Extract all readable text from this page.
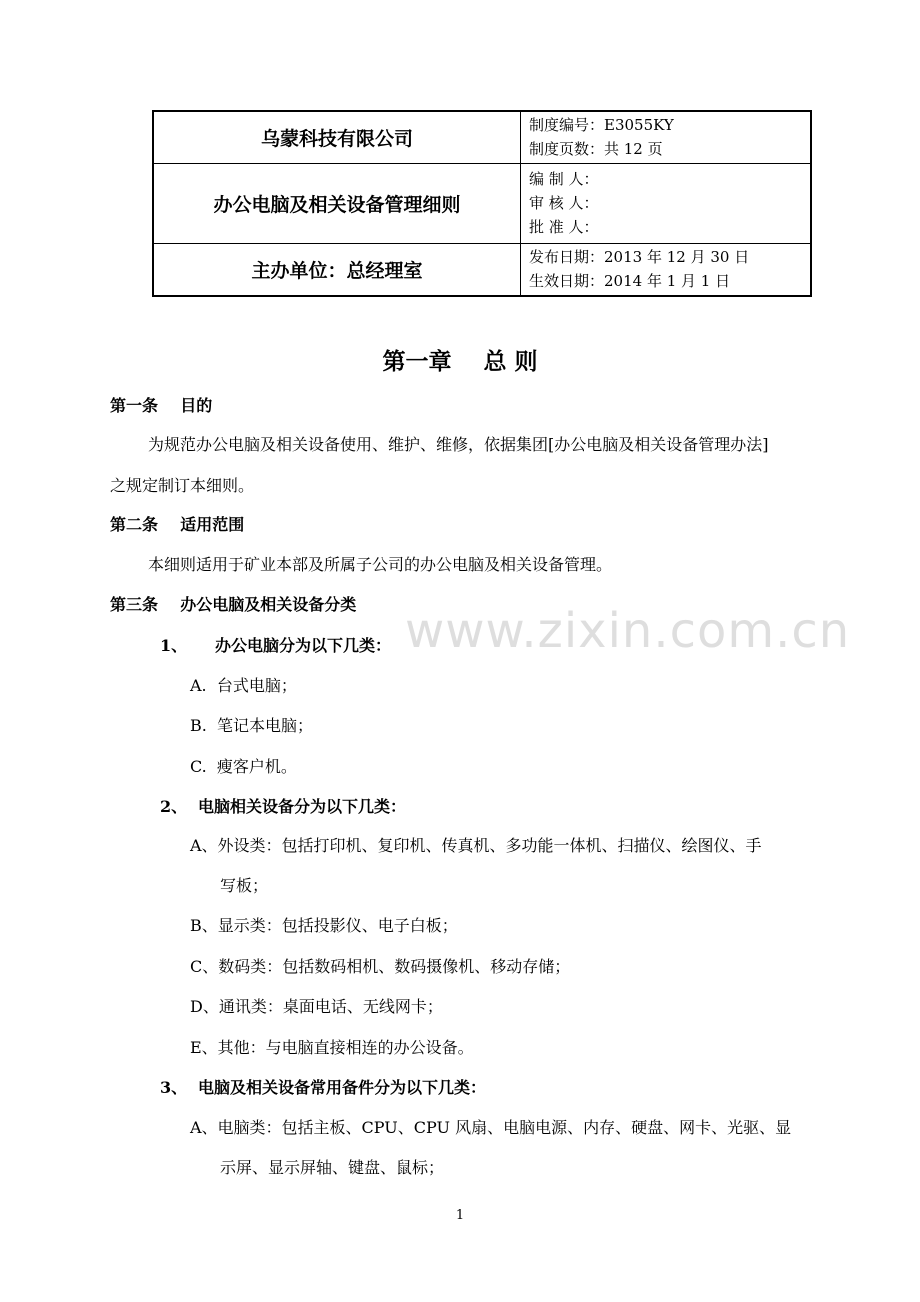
乌蒙科技有限公司	制度编号：E3055KY
制度页数：共 12 页

办公电脑及相关设备管理细则	编 制 人：
审 核 人：
批 准 人：

主办单位：总经理室	发布日期：2013 年 12 月 30 日
生效日期：2014 年 1 月 1 日
第一章    总 则
第一条    目的
为规范办公电脑及相关设备使用、维护、维修，依据集团[办公电脑及相关设备管理办法]
之规定制订本细则。
第二条    适用范围
本细则适用于矿业本部及所属子公司的办公电脑及相关设备管理。
第三条    办公电脑及相关设备分类
1、 办公电脑分为以下几类：
A.  台式电脑；
B.  笔记本电脑；
C.  瘦客户机。
2、 电脑相关设备分为以下几类：
A、外设类：包括打印机、复印机、传真机、多功能一体机、扫描仪、绘图仪、手
写板；
B、显示类：包括投影仪、电子白板；
C、数码类：包括数码相机、数码摄像机、移动存储；
D、通讯类：桌面电话、无线网卡；
E、其他：与电脑直接相连的办公设备。
3、 电脑及相关设备常用备件分为以下几类：
A、电脑类：包括主板、CPU、CPU 风扇、电脑电源、内存、硬盘、网卡、光驱、显
示屏、显示屏轴、键盘、鼠标；
www.zixin.com.cn
1
